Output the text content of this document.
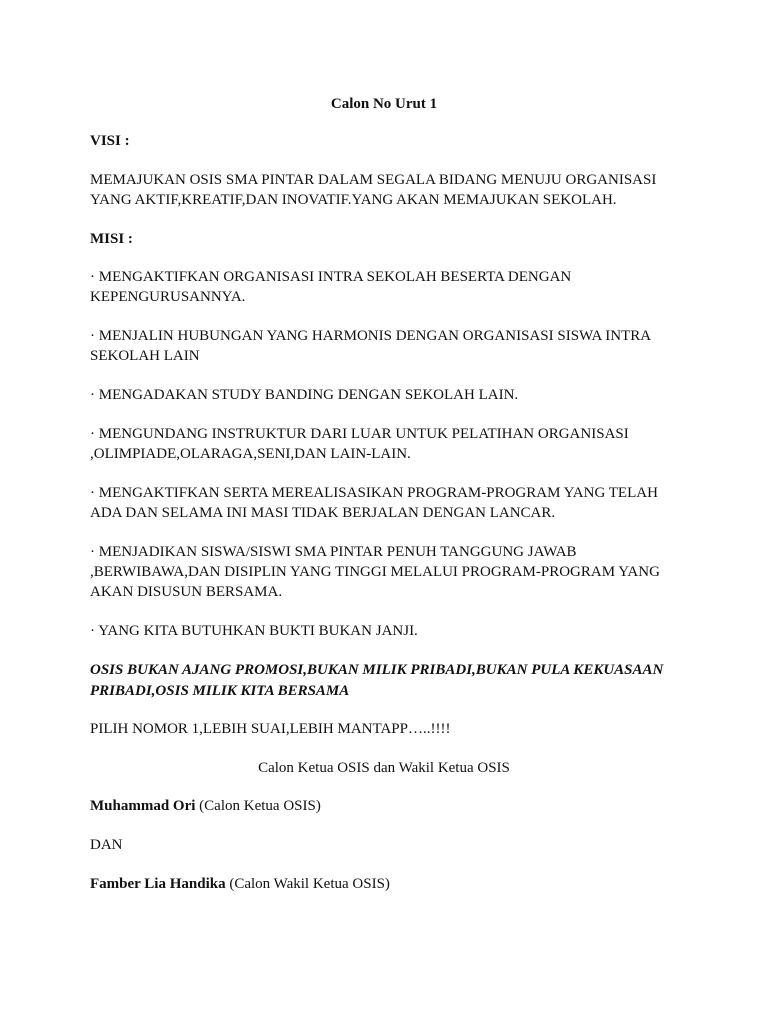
Calon No Urut 1
VISI :
MEMAJUKAN OSIS SMA PINTAR DALAM SEGALA BIDANG MENUJU ORGANISASI
YANG AKTIF,KREATIF,DAN INOVATIF.YANG AKAN MEMAJUKAN SEKOLAH.
MISI :
· MENGAKTIFKAN ORGANISASI INTRA SEKOLAH BESERTA DENGAN
KEPENGURUSANNYA.
· MENJALIN HUBUNGAN YANG HARMONIS DENGAN ORGANISASI SISWA INTRA
SEKOLAH LAIN
· MENGADAKAN STUDY BANDING DENGAN SEKOLAH LAIN.
· MENGUNDANG INSTRUKTUR DARI LUAR UNTUK PELATIHAN ORGANISASI
,OLIMPIADE,OLARAGA,SENI,DAN LAIN-LAIN.
· MENGAKTIFKAN SERTA MEREALISASIKAN PROGRAM-PROGRAM YANG TELAH
ADA DAN SELAMA INI MASI TIDAK BERJALAN DENGAN LANCAR.
· MENJADIKAN SISWA/SISWI SMA PINTAR PENUH TANGGUNG JAWAB
,BERWIBAWA,DAN DISIPLIN YANG TINGGI MELALUI PROGRAM-PROGRAM YANG
AKAN DISUSUN BERSAMA.
· YANG KITA BUTUHKAN BUKTI BUKAN JANJI.
OSIS BUKAN AJANG PROMOSI,BUKAN MILIK PRIBADI,BUKAN PULA KEKUASAAN
PRIBADI,OSIS MILIK KITA BERSAMA
PILIH NOMOR 1,LEBIH SUAI,LEBIH MANTAPP…..!!!!
Calon Ketua OSIS dan Wakil Ketua OSIS
Muhammad Ori (Calon Ketua OSIS)
DAN
Famber Lia Handika (Calon Wakil Ketua OSIS)
